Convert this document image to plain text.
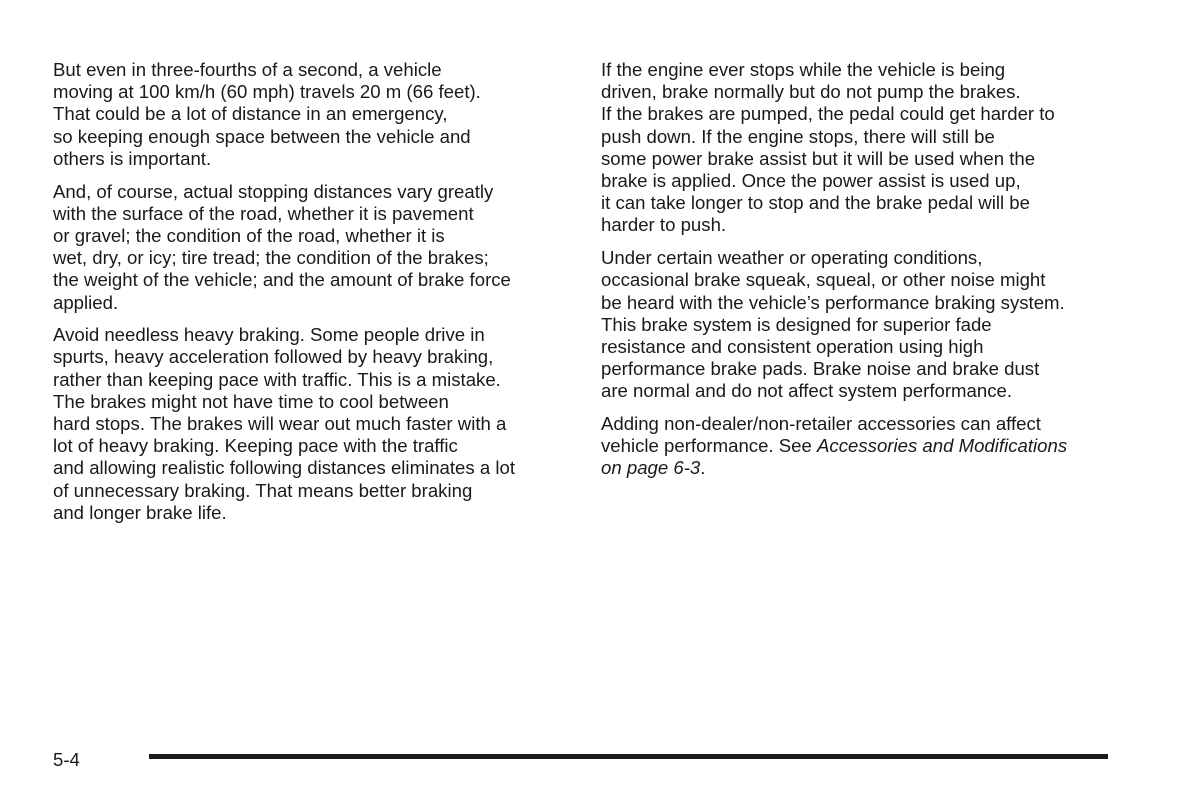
But even in three-fourths of a second, a vehicle
moving at 100 km/h (60 mph) travels 20 m (66 feet).
That could be a lot of distance in an emergency,
so keeping enough space between the vehicle and
others is important.

And, of course, actual stopping distances vary greatly
with the surface of the road, whether it is pavement
or gravel; the condition of the road, whether it is
wet, dry, or icy; tire tread; the condition of the brakes;
the weight of the vehicle; and the amount of brake force
applied.

Avoid needless heavy braking. Some people drive in
spurts, heavy acceleration followed by heavy braking,
rather than keeping pace with traffic. This is a mistake.
The brakes might not have time to cool between
hard stops. The brakes will wear out much faster with a
lot of heavy braking. Keeping pace with the traffic
and allowing realistic following distances eliminates a lot
of unnecessary braking. That means better braking
and longer brake life.

If the engine ever stops while the vehicle is being
driven, brake normally but do not pump the brakes.
If the brakes are pumped, the pedal could get harder to
push down. If the engine stops, there will still be
some power brake assist but it will be used when the
brake is applied. Once the power assist is used up,
it can take longer to stop and the brake pedal will be
harder to push.

Under certain weather or operating conditions,
occasional brake squeak, squeal, or other noise might
be heard with the vehicle’s performance braking system.
This brake system is designed for superior fade
resistance and consistent operation using high
performance brake pads. Brake noise and brake dust
are normal and do not affect system performance.

Adding non-dealer/non-retailer accessories can affect
vehicle performance. See Accessories and Modifications
on page 6-3.

5-4
